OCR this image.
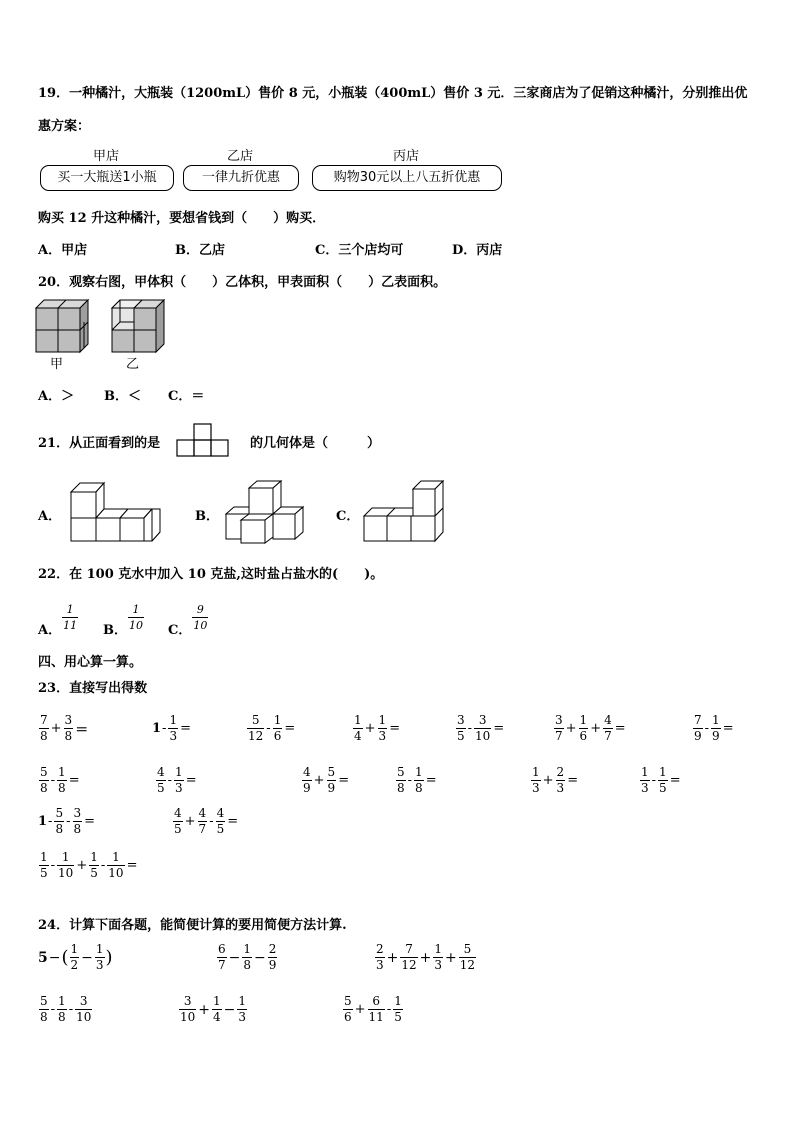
19．一种橘汁，大瓶装（1200mL）售价 8 元，小瓶装（400mL）售价 3 元．三家商店为了促销这种橘汁，分别推出优
惠方案：
甲店	乙店	丙店
买一大瓶送1小瓶	一律九折优惠	购物30元以上八五折优惠
购买 12 升这种橘汁，要想省钱到（　　）购买．
A．甲店	B．乙店	C．三个店均可	D．丙店
20．观察右图，甲体积（　　）乙体积，甲表面积（　　）乙表面积。
甲	乙
A．＞ B．＜ C．＝
21．从正面看到的是	的几何体是（　　　）
A．	B．	C．
22．在 100 克水中加入 10 克盐,这时盐占盐水的(　　)。
A． $\frac{1}{11}$ B． $\frac{1}{10}$ C． $\frac{9}{10}$
四、用心算一算。
23．直接写出得数
$\frac{7}{8} + \frac{3}{8}$ ＝	$1 - \frac{1}{3}$ =	$\frac{5}{12} - \frac{1}{6}$ =	$\frac{1}{4} + \frac{1}{3}$ =	$\frac{3}{5} - \frac{3}{10}$ =	$\frac{3}{7} + \frac{1}{6} + \frac{4}{7}$ =	$\frac{7}{9} - \frac{1}{9}$ =
$\frac{5}{8} - \frac{1}{8}$ =	$\frac{4}{5} - \frac{1}{3}$ =	$\frac{4}{9} + \frac{5}{9}$ =	$\frac{5}{8} - \frac{1}{8}$ =	$\frac{1}{3} + \frac{2}{3}$ =	$\frac{1}{3} - \frac{1}{5}$ =
$1 - \frac{5}{8} - \frac{3}{8}$ =	$\frac{4}{5} + \frac{4}{7} - \frac{4}{5}$ =
$\frac{1}{5} - \frac{1}{10} + \frac{1}{5} - \frac{1}{10}$ =
24．计算下面各题，能简便计算的要用简便方法计算.
5 − ( $\frac{1}{2} - \frac{1}{3}$ )	$\frac{6}{7} - \frac{1}{8} - \frac{2}{9}$	$\frac{2}{3} + \frac{7}{12} + \frac{1}{3} + \frac{5}{12}$
$\frac{5}{8} - \frac{1}{8} - \frac{3}{10}$	$\frac{3}{10} + \frac{1}{4} - \frac{1}{3}$	$\frac{5}{6} + \frac{6}{11} - \frac{1}{5}$
